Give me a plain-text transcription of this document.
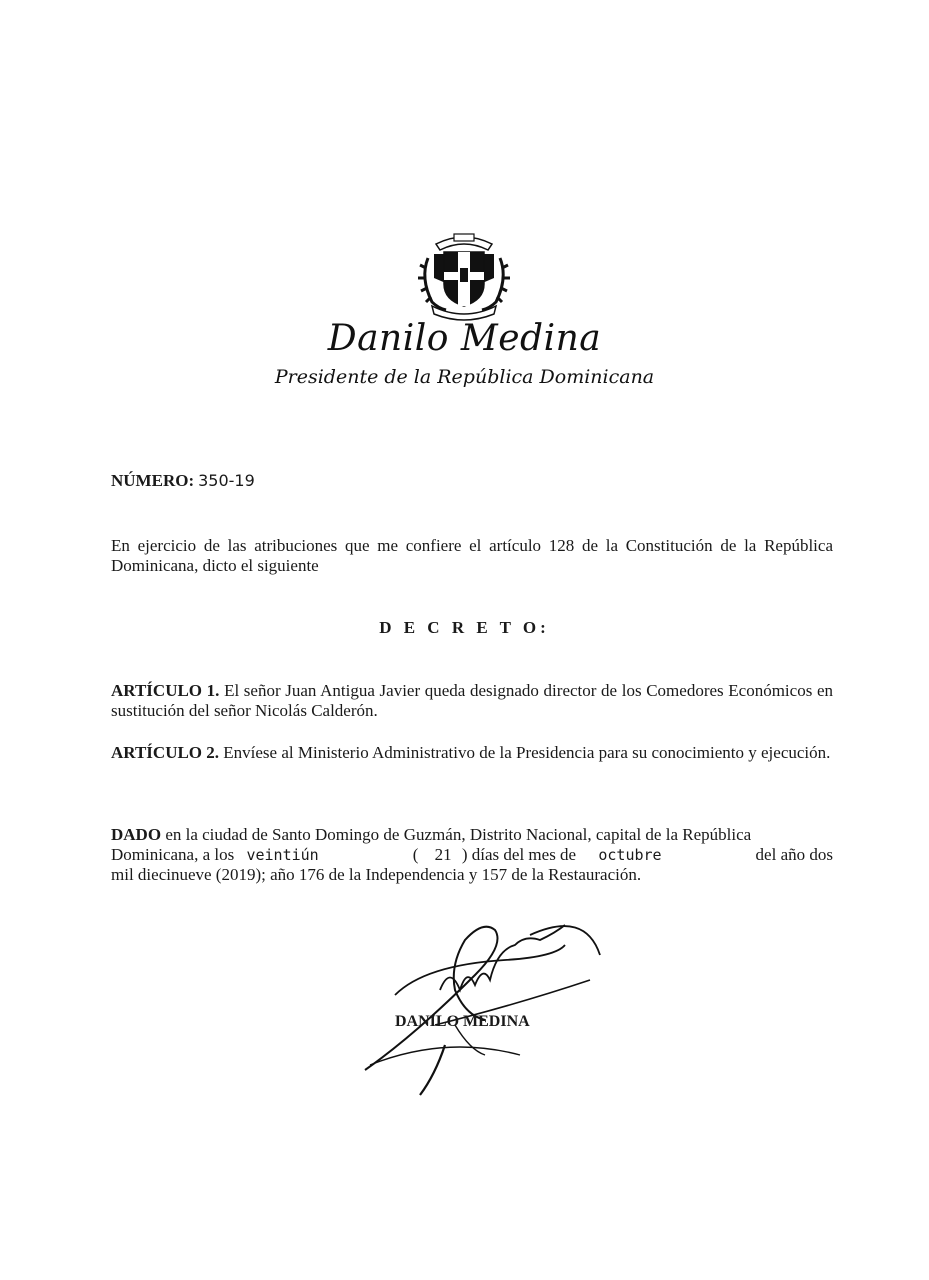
Danilo Medina
Presidente de la República Dominicana
NÚMERO: 350-19
En ejercicio de las atribuciones que me confiere el artículo 128 de la Constitución de la República Dominicana, dicto el siguiente
D E C R E T O:
ARTÍCULO 1. El señor Juan Antigua Javier queda designado director de los Comedores Económicos en sustitución del señor Nicolás Calderón.
ARTÍCULO 2. Envíese al Ministerio Administrativo de la Presidencia para su conocimiento y ejecución.
DADO en la ciudad de Santo Domingo de Guzmán, Distrito Nacional, capital de la República
Dominicana, a los veintiún	( 21 ) días del mes de octubre	del año dos
mil diecinueve (2019); año 176 de la Independencia y 157 de la Restauración.
DANILO MEDINA
